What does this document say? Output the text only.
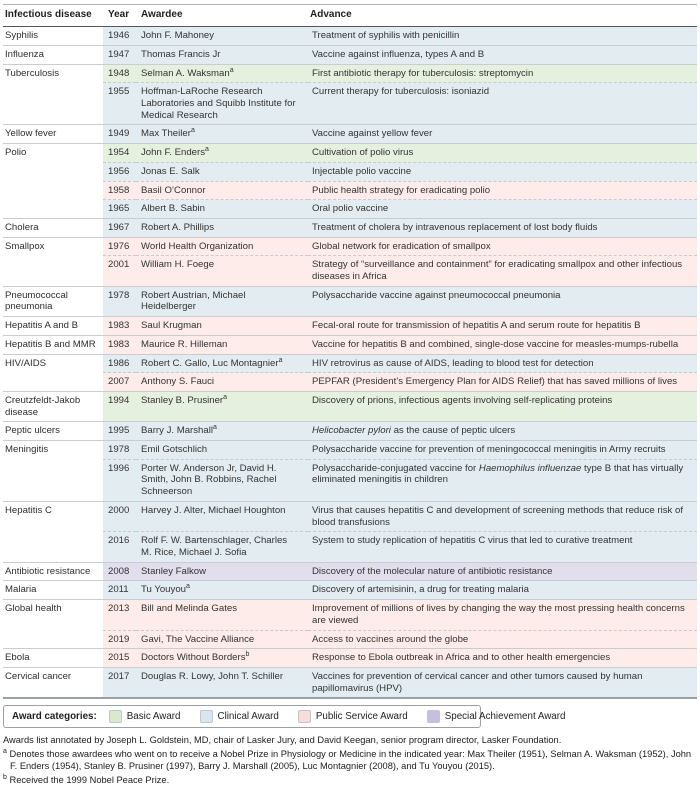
Infectious disease	Year	Awardee	Advance
Syphilis	1946	John F. Mahoney	Treatment of syphilis with penicillin
Influenza	1947	Thomas Francis Jr	Vaccine against influenza, types A and B
Tuberculosis	1948	Selman A. Waksman$^a$	First antibiotic therapy for tuberculosis: streptomycin
	1955	Hoffman-LaRoche Research Laboratories and Squibb Institute for Medical Research	Current therapy for tuberculosis: isoniazid
Yellow fever	1949	Max Theiler$^a$	Vaccine against yellow fever
Polio	1954	John F. Enders$^a$	Cultivation of polio virus
	1956	Jonas E. Salk	Injectable polio vaccine
	1958	Basil O’Connor	Public health strategy for eradicating polio
	1965	Albert B. Sabin	Oral polio vaccine
Cholera	1967	Robert A. Phillips	Treatment of cholera by intravenous replacement of lost body fluids
Smallpox	1976	World Health Organization	Global network for eradication of smallpox
	2001	William H. Foege	Strategy of “surveillance and containment” for eradicating smallpox and other infectious diseases in Africa
Pneumococcal pneumonia	1978	Robert Austrian, Michael Heidelberger	Polysaccharide vaccine against pneumococcal pneumonia
Hepatitis A and B	1983	Saul Krugman	Fecal-oral route for transmission of hepatitis A and serum route for hepatitis B
Hepatitis B and MMR	1983	Maurice R. Hilleman	Vaccine for hepatitis B and combined, single-dose vaccine for measles-mumps-rubella
HIV/AIDS	1986	Robert C. Gallo, Luc Montagnier$^a$	HIV retrovirus as cause of AIDS, leading to blood test for detection
	2007	Anthony S. Fauci	PEPFAR (President’s Emergency Plan for AIDS Relief) that has saved millions of lives
Creutzfeldt-Jakob disease	1994	Stanley B. Prusiner$^a$	Discovery of prions, infectious agents involving self-replicating proteins
Peptic ulcers	1995	Barry J. Marshall$^a$	Helicobacter pylori as the cause of peptic ulcers
Meningitis	1978	Emil Gotschlich	Polysaccharide vaccine for prevention of meningococcal meningitis in Army recruits
	1996	Porter W. Anderson Jr, David H. Smith, John B. Robbins, Rachel Schneerson	Polysaccharide-conjugated vaccine for Haemophilus influenzae type B that has virtually eliminated meningitis in children
Hepatitis C	2000	Harvey J. Alter, Michael Houghton	Virus that causes hepatitis C and development of screening methods that reduce risk of blood transfusions
	2016	Rolf F. W. Bartenschlager, Charles M. Rice, Michael J. Sofia	System to study replication of hepatitis C virus that led to curative treatment
Antibiotic resistance	2008	Stanley Falkow	Discovery of the molecular nature of antibiotic resistance
Malaria	2011	Tu Youyou$^a$	Discovery of artemisinin, a drug for treating malaria
Global health	2013	Bill and Melinda Gates	Improvement of millions of lives by changing the way the most pressing health concerns are viewed
	2019	Gavi, The Vaccine Alliance	Access to vaccines around the globe
Ebola	2015	Doctors Without Borders$^b$	Response to Ebola outbreak in Africa and to other health emergencies
Cervical cancer	2017	Douglas R. Lowy, John T. Schiller	Vaccines for prevention of cervical cancer and other tumors caused by human papillomavirus (HPV)
Award categories:	Basic Award	Clinical Award	Public Service Award	Special Achievement Award

Awards list annotated by Joseph L. Goldstein, MD, chair of Lasker Jury, and David Keegan, senior program director, Lasker Foundation.

$^a$ Denotes those awardees who went on to receive a Nobel Prize in Physiology or Medicine in the indicated year: Max Theiler (1951), Selman A. Waksman (1952), John F. Enders (1954), Stanley B. Prusiner (1997), Barry J. Marshall (2005), Luc Montagnier (2008), and Tu Youyou (2015).

$^b$ Received the 1999 Nobel Peace Prize.
